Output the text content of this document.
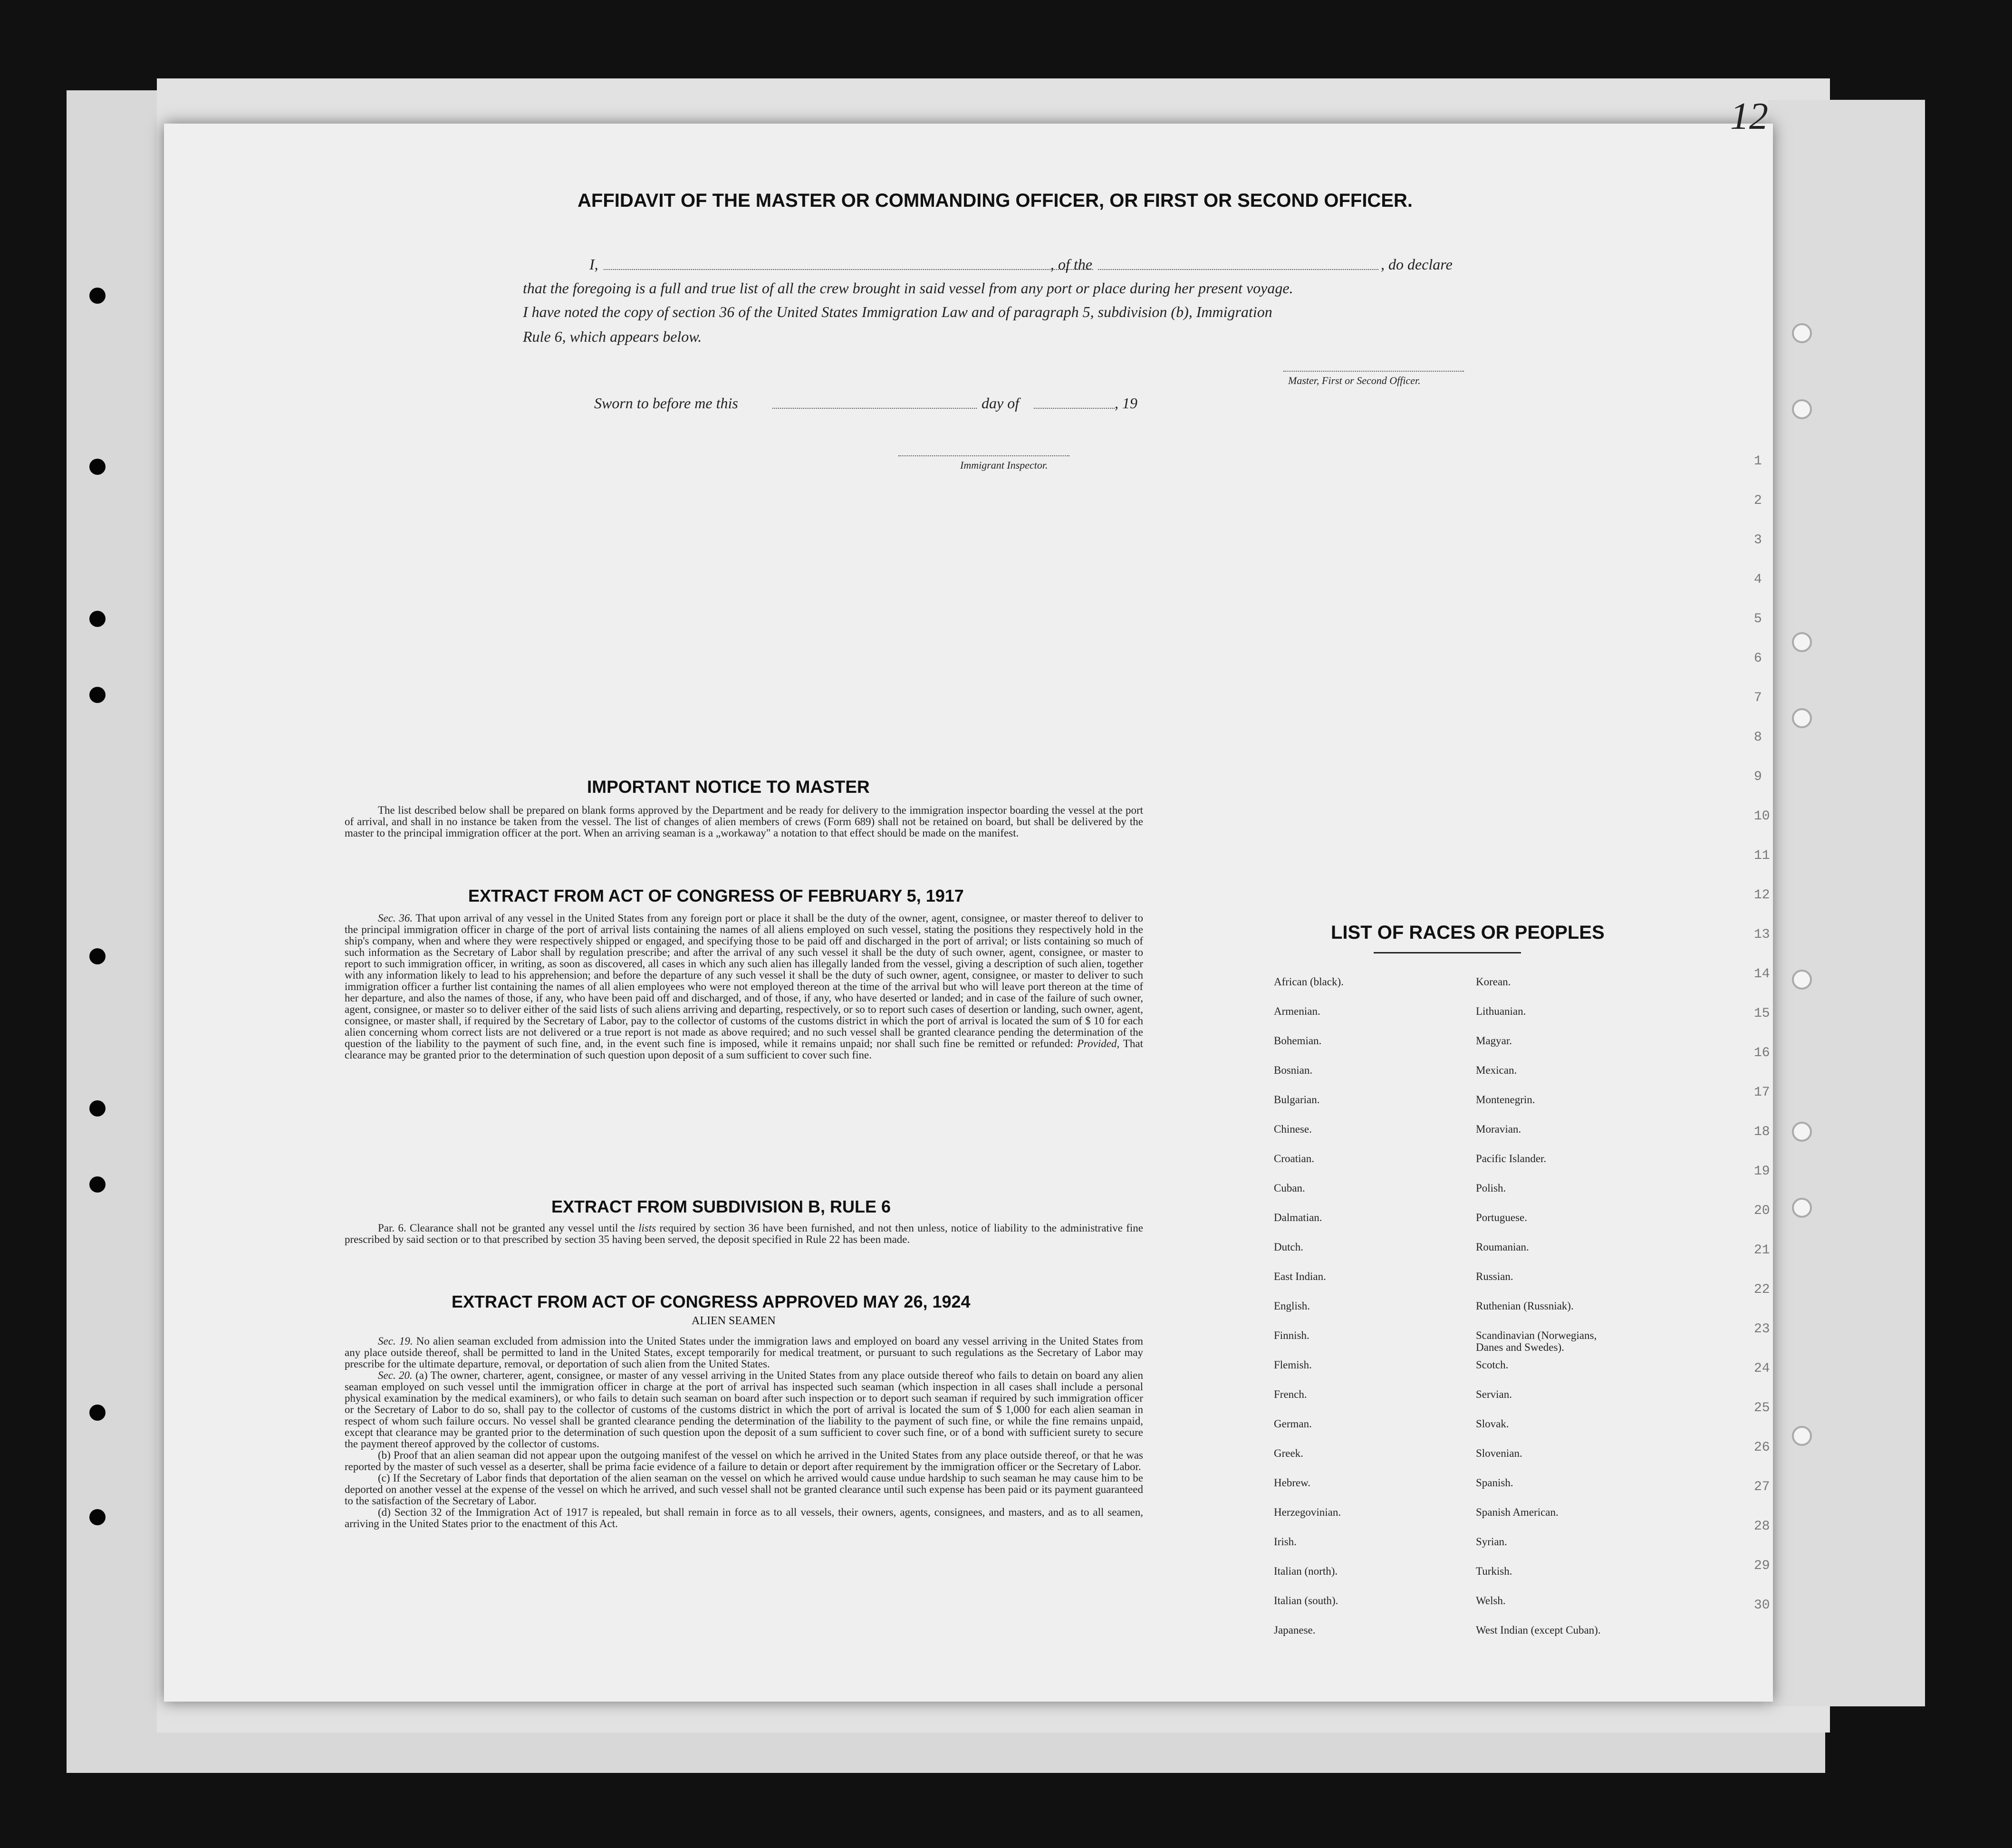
12
1
2
3
4
5
6
7
8
9
10
11
12
13
14
15
16
17
18
19
20
21
22
23
24
25
26
27
28
29
30
AFFIDAVIT OF THE MASTER OR COMMANDING OFFICER, OR FIRST OR SECOND OFFICER.
I,	, of the	, do declare
that the foregoing is a full and true list of all the crew brought in said vessel from any port or place during her present voyage.
I have noted the copy of section 36 of the United States Immigration Law and of paragraph 5, subdivision (b), Immigration
Rule 6, which appears below.
Master, First or Second Officer.
Sworn to before me this	day of	, 19
Immigrant Inspector.
IMPORTANT NOTICE TO MASTER
The list described below shall be prepared on blank forms approved by the Department and be ready for delivery to the immigration inspector boarding the vessel at the port of arrival, and shall in no instance be taken from the vessel. The list of changes of alien members of crews (Form 689) shall not be retained on board, but shall be delivered by the master to the principal immigration officer at the port. When an arriving seaman is a „workaway" a notation to that effect should be made on the manifest.
EXTRACT FROM ACT OF CONGRESS OF FEBRUARY 5, 1917
Sec. 36. That upon arrival of any vessel in the United States from any foreign port or place it shall be the duty of the owner, agent, consignee, or master thereof to deliver to the principal immigration officer in charge of the port of arrival lists containing the names of all aliens employed on such vessel, stating the positions they respectively hold in the ship's company, when and where they were respectively shipped or engaged, and specifying those to be paid off and discharged in the port of arrival; or lists containing so much of such information as the Secretary of Labor shall by regulation prescribe; and after the arrival of any such vessel it shall be the duty of such owner, agent, consignee, or master to report to such immigration officer, in writing, as soon as discovered, all cases in which any such alien has illegally landed from the vessel, giving a description of such alien, together with any information likely to lead to his apprehension; and before the departure of any such vessel it shall be the duty of such owner, agent, consignee, or master to deliver to such immigration officer a further list containing the names of all alien employees who were not employed thereon at the time of the arrival but who will leave port thereon at the time of her departure, and also the names of those, if any, who have been paid off and discharged, and of those, if any, who have deserted or landed; and in case of the failure of such owner, agent, consignee, or master so to deliver either of the said lists of such aliens arriving and departing, respectively, or so to report such cases of desertion or landing, such owner, agent, consignee, or master shall, if required by the Secretary of Labor, pay to the collector of customs of the customs district in which the port of arrival is located the sum of $ 10 for each alien concerning whom correct lists are not delivered or a true report is not made as above required; and no such vessel shall be granted clearance pending the determination of the question of the liability to the payment of such fine, and, in the event such fine is imposed, while it remains unpaid; nor shall such fine be remitted or refunded: Provided, That clearance may be granted prior to the determination of such question upon deposit of a sum sufficient to cover such fine.
EXTRACT FROM SUBDIVISION B, RULE 6
Par. 6. Clearance shall not be granted any vessel until the lists required by section 36 have been furnished, and not then unless, notice of liability to the administrative fine prescribed by said section or to that prescribed by section 35 having been served, the deposit specified in Rule 22 has been made.
EXTRACT FROM ACT OF CONGRESS APPROVED MAY 26, 1924
ALIEN SEAMEN
Sec. 19. No alien seaman excluded from admission into the United States under the immigration laws and employed on board any vessel arriving in the United States from any place outside thereof, shall be permitted to land in the United States, except temporarily for medical treatment, or pursuant to such regulations as the Secretary of Labor may prescribe for the ultimate departure, removal, or deportation of such alien from the United States.
Sec. 20. (a) The owner, charterer, agent, consignee, or master of any vessel arriving in the United States from any place outside thereof who fails to detain on board any alien seaman employed on such vessel until the immigration officer in charge at the port of arrival has inspected such seaman (which inspection in all cases shall include a personal physical examination by the medical examiners), or who fails to detain such seaman on board after such inspection or to deport such seaman if required by such immigration officer or the Secretary of Labor to do so, shall pay to the collector of customs of the customs district in which the port of arrival is located the sum of $ 1,000 for each alien seaman in respect of whom such failure occurs. No vessel shall be granted clearance pending the determination of the liability to the payment of such fine, or while the fine remains unpaid, except that clearance may be granted prior to the determination of such question upon the deposit of a sum sufficient to cover such fine, or of a bond with sufficient surety to secure the payment thereof approved by the collector of customs.
(b) Proof that an alien seaman did not appear upon the outgoing manifest of the vessel on which he arrived in the United States from any place outside thereof, or that he was reported by the master of such vessel as a deserter, shall be prima facie evidence of a failure to detain or deport after requirement by the immigration officer or the Secretary of Labor.
(c) If the Secretary of Labor finds that deportation of the alien seaman on the vessel on which he arrived would cause undue hardship to such seaman he may cause him to be deported on another vessel at the expense of the vessel on which he arrived, and such vessel shall not be granted clearance until such expense has been paid or its payment guaranteed to the satisfaction of the Secretary of Labor.
(d) Section 32 of the Immigration Act of 1917 is repealed, but shall remain in force as to all vessels, their owners, agents, consignees, and masters, and as to all seamen, arriving in the United States prior to the enactment of this Act.
LIST OF RACES OR PEOPLES
African (black).
Armenian.
Bohemian.
Bosnian.
Bulgarian.
Chinese.
Croatian.
Cuban.
Dalmatian.
Dutch.
East Indian.
English.
Finnish.
Flemish.
French.
German.
Greek.
Hebrew.
Herzegovinian.
Irish.
Italian (north).
Italian (south).
Japanese.
Korean.
Lithuanian.
Magyar.
Mexican.
Montenegrin.
Moravian.
Pacific Islander.
Polish.
Portuguese.
Roumanian.
Russian.
Ruthenian (Russniak).
Scandinavian (Norwegians, Danes and Swedes).
Scotch.
Servian.
Slovak.
Slovenian.
Spanish.
Spanish American.
Syrian.
Turkish.
Welsh.
West Indian (except Cuban).
